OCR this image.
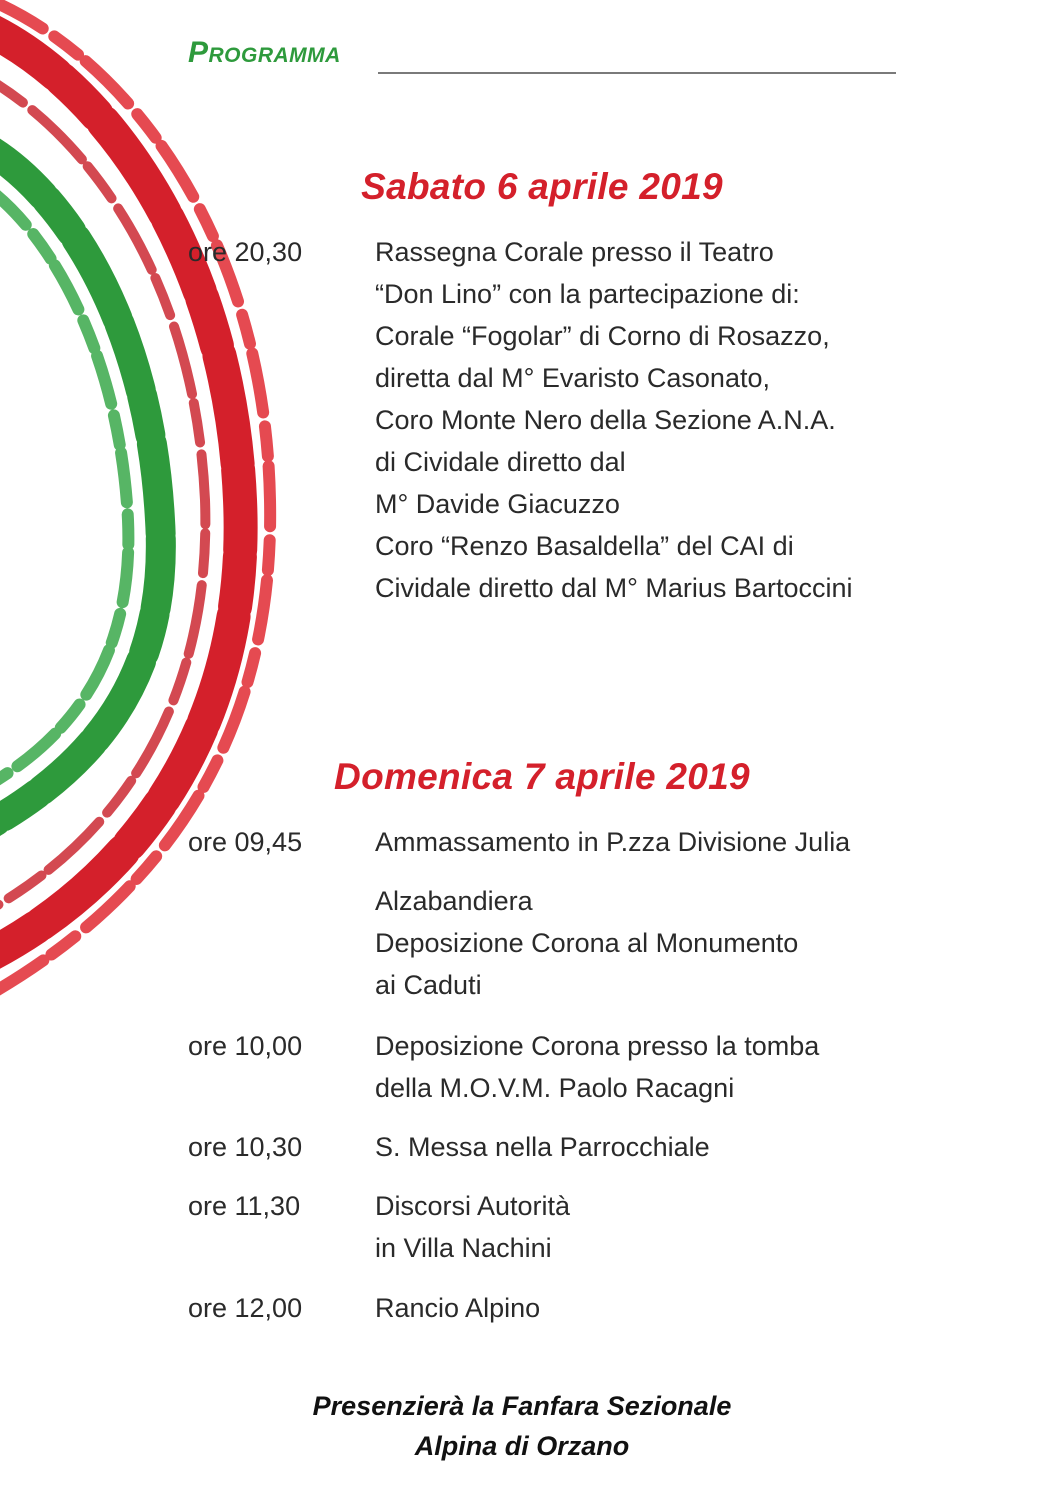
Programma
Sabato 6 aprile 2019
ore 20,30	Rassegna Corale presso il Teatro
“Don Lino” con la partecipazione di:
Corale “Fogolar” di Corno di Rosazzo,
diretta dal M° Evaristo Casonato,
Coro Monte Nero della Sezione A.N.A.
di Cividale diretto dal
M° Davide Giacuzzo
Coro “Renzo Basaldella” del CAI di
Cividale diretto dal M° Marius Bartoccini
Domenica 7 aprile 2019
ore 09,45	Ammassamento in P.zza Divisione Julia
Alzabandiera
Deposizione Corona al Monumento
ai Caduti
ore 10,00	Deposizione Corona presso la tomba
della M.O.V.M. Paolo Racagni
ore 10,30	S. Messa nella Parrocchiale
ore 11,30	Discorsi Autorità
in Villa Nachini
ore 12,00	Rancio Alpino
Presenzierà la Fanfara Sezionale
Alpina di Orzano
